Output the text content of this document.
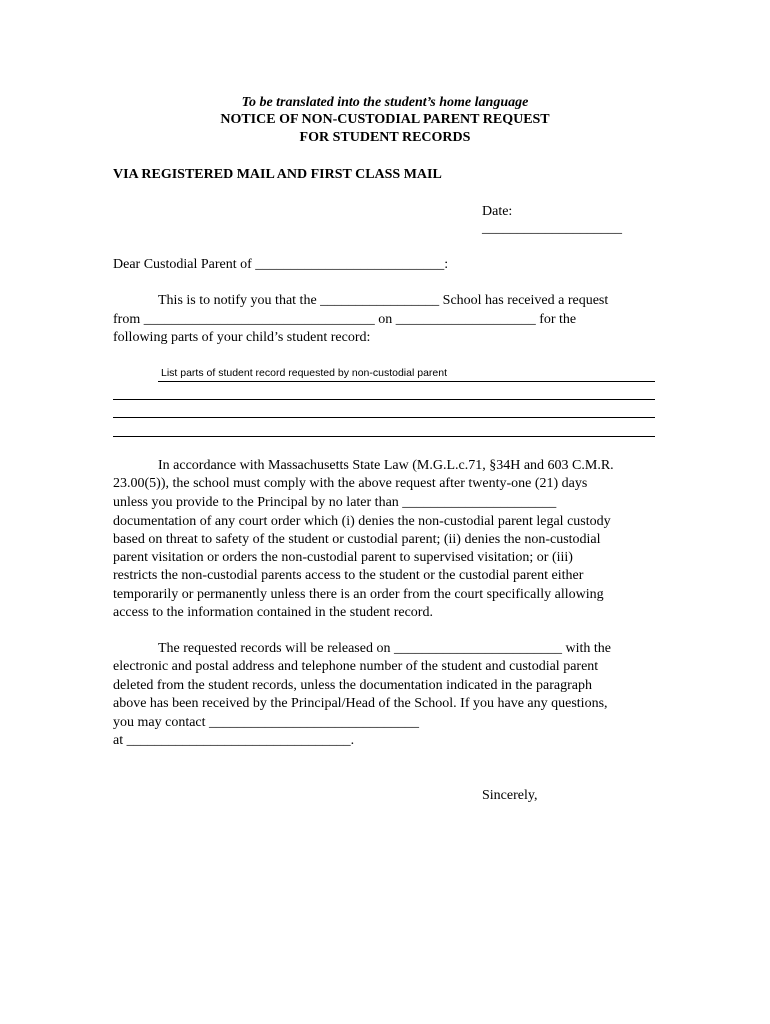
To be translated into the student’s home language
NOTICE OF NON-CUSTODIAL PARENT REQUEST
FOR STUDENT RECORDS
VIA REGISTERED MAIL AND FIRST CLASS MAIL
Date:
____________________
Dear Custodial Parent of ___________________________:
This is to notify you that the _________________ School has received a request
from _________________________________ on ____________________ for the
following parts of your child’s student record:
List parts of student record requested by non-custodial parent
In accordance with Massachusetts State Law (M.G.L.c.71, §34H and 603 C.M.R.
23.00(5)), the school must comply with the above request after twenty-one (21) days
unless you provide to the Principal by no later than ______________________
documentation of any court order which (i) denies the non-custodial parent legal custody
based on threat to safety of the student or custodial parent; (ii) denies the non-custodial
parent visitation or orders the non-custodial parent to supervised visitation; or (iii)
restricts the non-custodial parents access to the student or the custodial parent either
temporarily or permanently unless there is an order from the court specifically allowing
access to the information contained in the student record.
The requested records will be released on ________________________ with the
electronic and postal address and telephone number of the student and custodial parent
deleted from the student records, unless the documentation indicated in the paragraph
above has been received by the Principal/Head of the School. If you have any questions,
you may contact ______________________________
at ________________________________.
Sincerely,
